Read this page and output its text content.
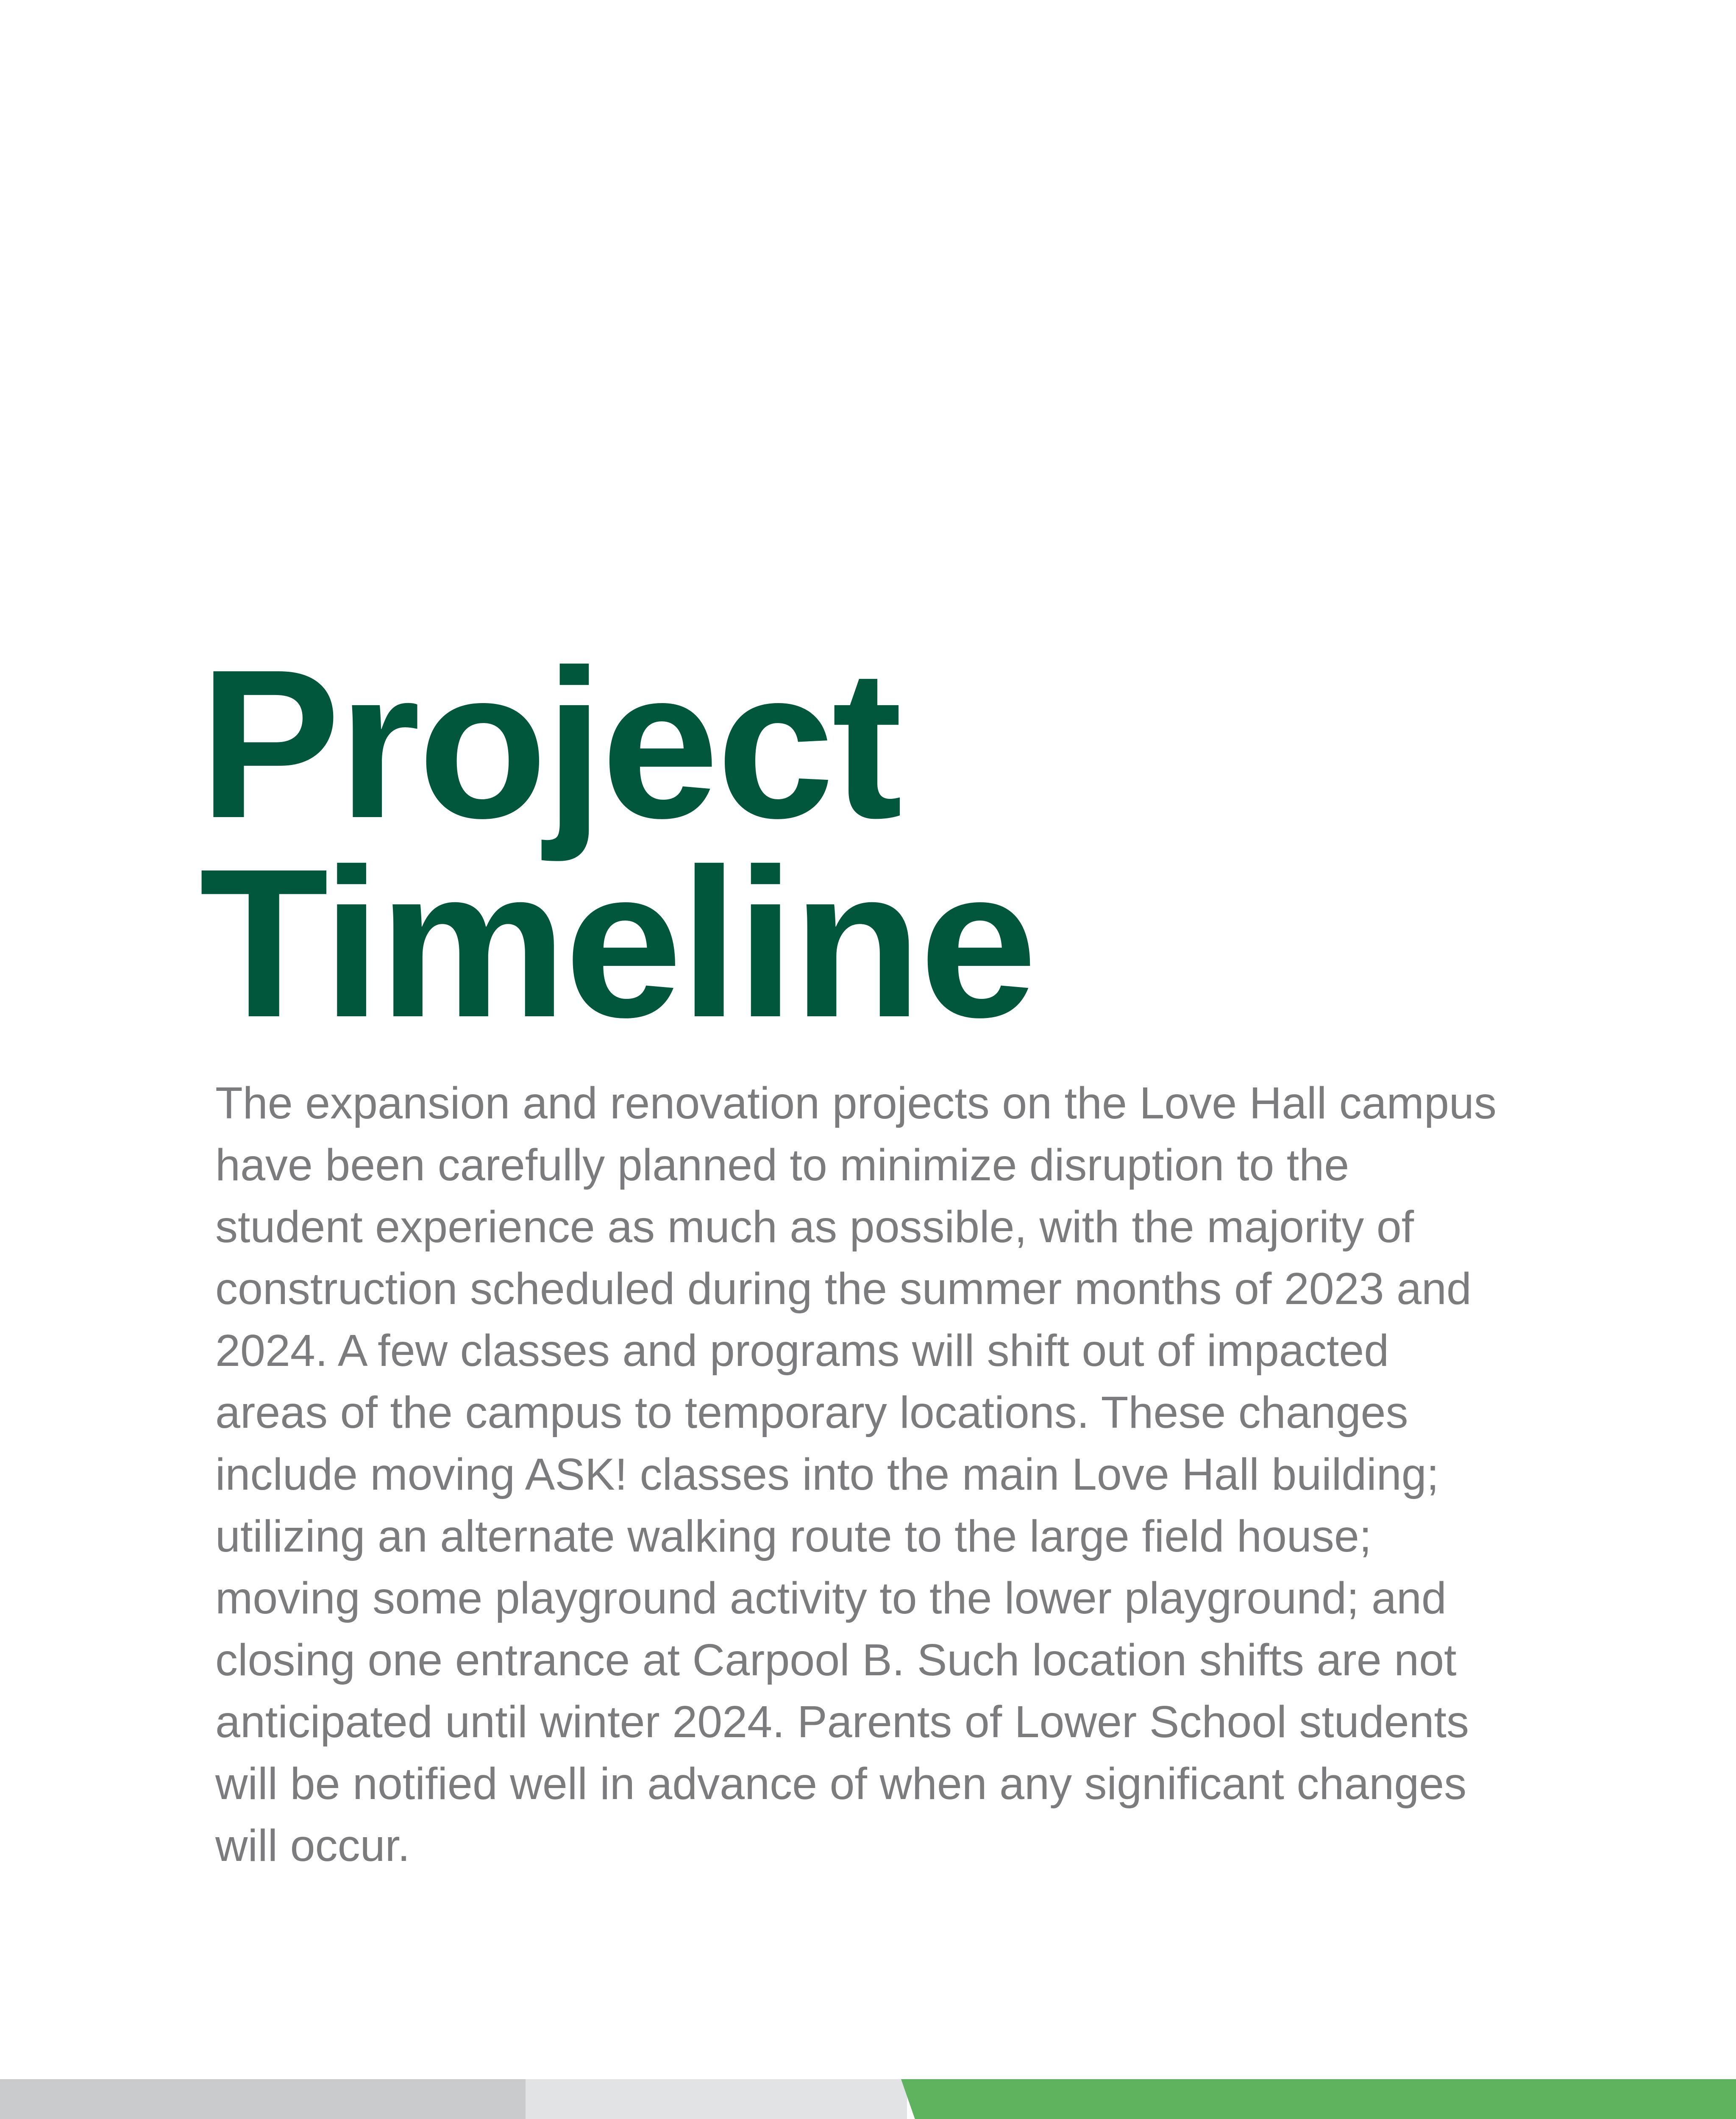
Project
Timeline

The expansion and renovation projects on the Love Hall campus have been carefully planned to minimize disruption to the student experience as much as possible, with the majority of construction scheduled during the summer months of 2023 and 2024. A few classes and programs will shift out of impacted areas of the campus to temporary locations. These changes include moving ASK! classes into the main Love Hall building; utilizing an alternate walking route to the large field house; moving some playground activity to the lower playground; and closing one entrance at Carpool B. Such location shifts are not anticipated until winter 2024. Parents of Lower School students will be notified well in advance of when any significant changes will occur.
